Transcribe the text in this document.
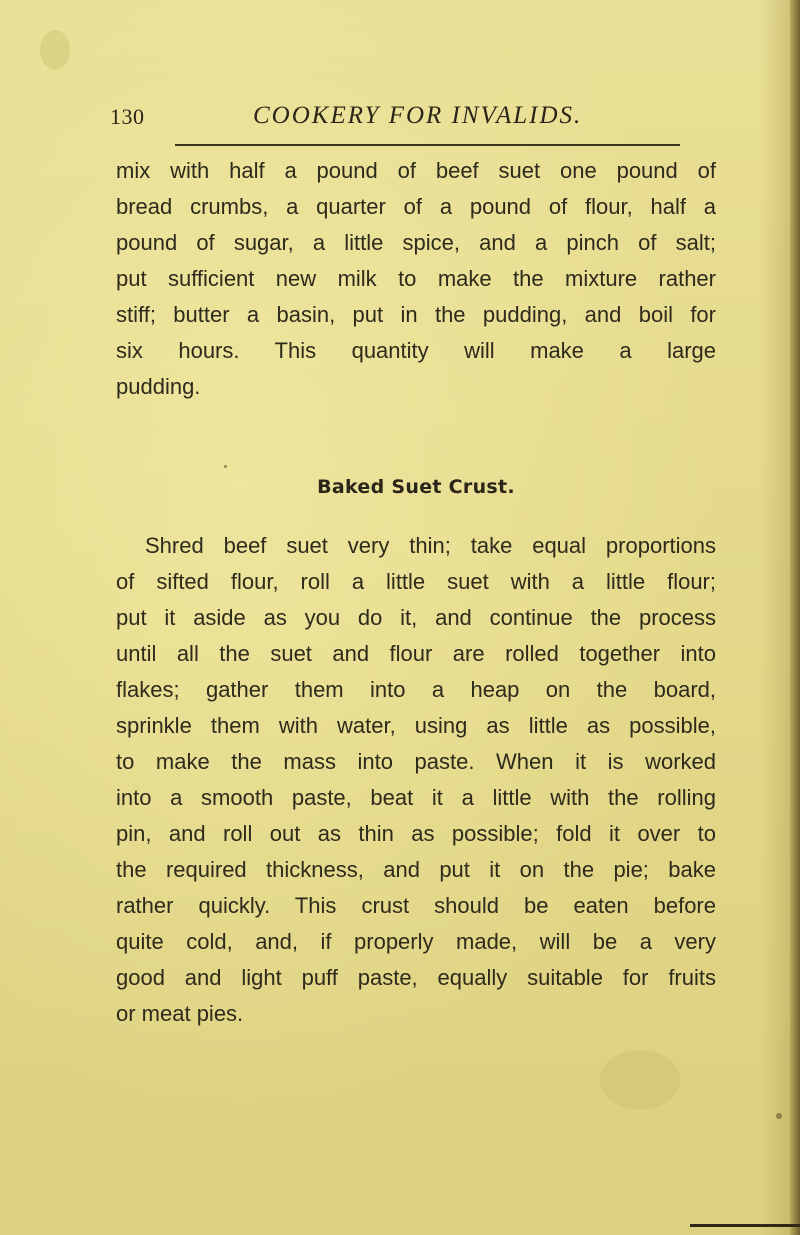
130	COOKERY FOR INVALIDS.
mix with half a pound of beef suet one pound of
bread crumbs, a quarter of a pound of flour, half a
pound of sugar, a little spice, and a pinch of salt;
put sufficient new milk to make the mixture rather
stiff; butter a basin, put in the pudding, and boil for
six hours. This quantity will make a large
pudding.
Baked Suet Crust.
Shred beef suet very thin; take equal proportions
of sifted flour, roll a little suet with a little flour;
put it aside as you do it, and continue the process
until all the suet and flour are rolled together into
flakes; gather them into a heap on the board,
sprinkle them with water, using as little as possible,
to make the mass into paste. When it is worked
into a smooth paste, beat it a little with the rolling
pin, and roll out as thin as possible; fold it over to
the required thickness, and put it on the pie; bake
rather quickly. This crust should be eaten before
quite cold, and, if properly made, will be a very
good and light puff paste, equally suitable for fruits
or meat pies.
